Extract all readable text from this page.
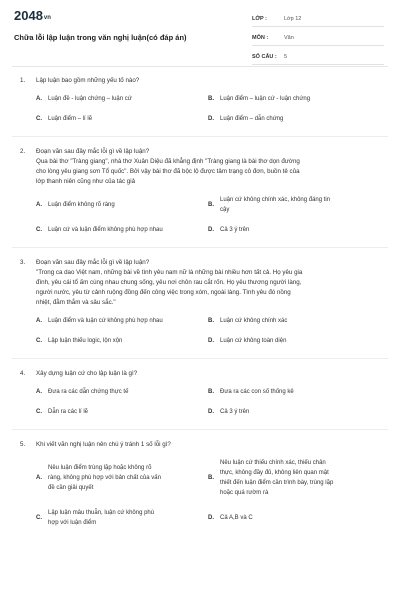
2048vn
Chữa lỗi lập luận trong văn nghị luận(có đáp án)
LỚP :	Lớp 12
MÔN :	Văn
SỐ CÂU :	5
1.	Lập luận bao gồm những yếu tố nào?
A.	Luận đề - luận chứng – luận cứ	B.	Luận điểm – luận cứ - luận chứng
C.	Luận điểm – lí lẽ	D.	Luận điểm – dẫn chứng
2.	Đoạn văn sau đây mắc lỗi gì về lập luận?
Qua bài thơ "Tràng giang", nhà thơ Xuân Diệu đã khẳng định "Tràng giang là bài thơ dọn đường
cho lòng yêu giang sơn Tổ quốc". Bởi vậy bài thơ đã bộc lộ được tâm trạng cô đơn, buồn tẻ của
lớp thanh niên cũng như của tác giả
A.	Luận điểm không rõ ràng	B.
Luận cứ không chính xác, không đáng tin
cậy
C.	Luận cứ và luận điểm không phù hợp nhau	D.	Cả 3 ý trên
3.	Đoạn văn sau đây mắc lỗi gì về lập luận?
"Trong ca dao Việt nam, những bài về tình yêu nam nữ là những bài nhiều hơn tất cả. Họ yêu gia
đình, yêu cái tổ ấm cùng nhau chung sống, yêu nơi chôn rau cắt rốn. Họ yêu thương người làng,
người nước, yêu từ cảnh ruộng đồng đến công việc trong xóm, ngoài làng. Tình yêu đó nồng
nhiệt, đằm thắm và sâu sắc."
A.	Luận điểm và luận cứ không phù hợp nhau	B.	Luận cứ không chính xác
C.	Lập luận thiếu logic, lộn xộn	D.	Luận cứ không toàn diện
4.	Xây dựng luận cứ cho lập luận là gì?
A.	Đưa ra các dẫn chứng thực tế	B.	Đưa ra các con số thống kê
C.	Dẫn ra các lí lẽ	D.	Cả 3 ý trên
5.	Khi viết văn nghị luận nên chú ý tránh 1 số lỗi gì?
A.
Nêu luận điểm trùng lặp hoặc không rõ
ràng, không phù hợp với bản chất của vấn
đề cần giải quyết
B.
Nêu luận cứ thiếu chính xác, thiếu chân
thực, không đầy đủ, không liên quan mật
thiết đến luận điểm cần trình bày, trùng lặp
hoặc quá rườm rà
C.
Lập luận mâu thuẫn, luận cứ không phù
hợp với luận điểm
D.	Cả A,B và C
